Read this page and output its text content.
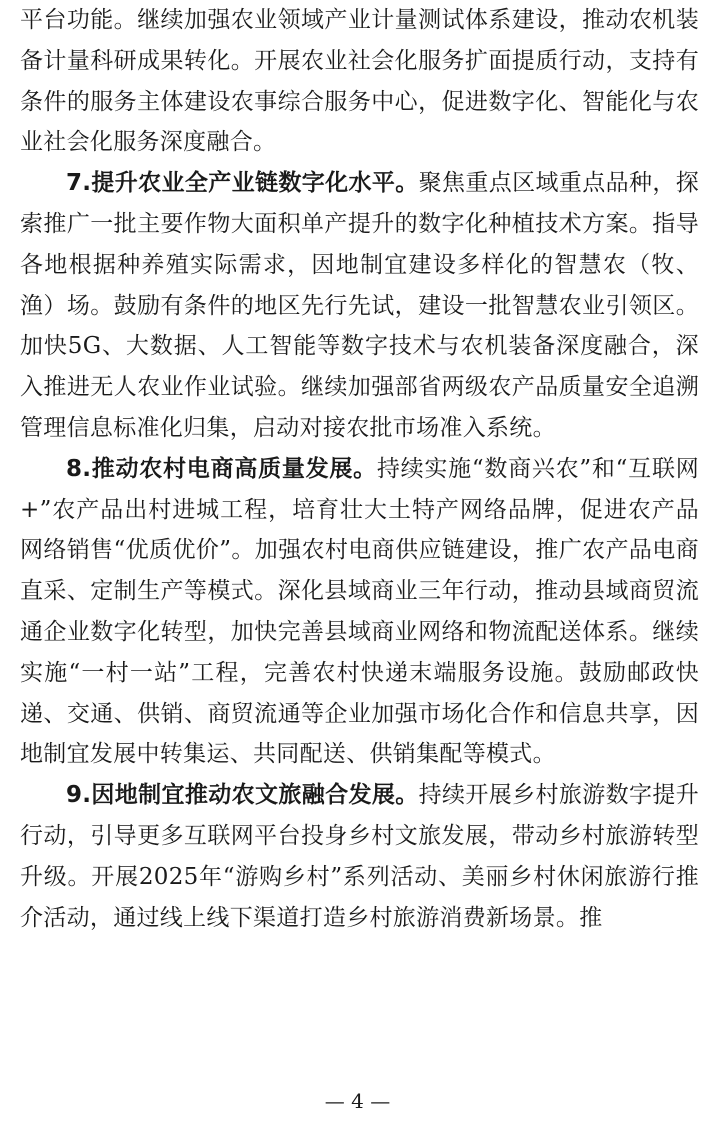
平台功能。继续加强农业领域产业计量测试体系建设，推动农机装备计量科研成果转化。开展农业社会化服务扩面提质行动，支持有条件的服务主体建设农事综合服务中心，促进数字化、智能化与农业社会化服务深度融合。

7.提升农业全产业链数字化水平。聚焦重点区域重点品种，探索推广一批主要作物大面积单产提升的数字化种植技术方案。指导各地根据种养殖实际需求，因地制宜建设多样化的智慧农（牧、渔）场。鼓励有条件的地区先行先试，建设一批智慧农业引领区。加快5G、大数据、人工智能等数字技术与农机装备深度融合，深入推进无人农业作业试验。继续加强部省两级农产品质量安全追溯管理信息标准化归集，启动对接农批市场准入系统。

8.推动农村电商高质量发展。持续实施“数商兴农”和“互联网+”农产品出村进城工程，培育壮大土特产网络品牌，促进农产品网络销售“优质优价”。加强农村电商供应链建设，推广农产品电商直采、定制生产等模式。深化县域商业三年行动，推动县域商贸流通企业数字化转型，加快完善县域商业网络和物流配送体系。继续实施“一村一站”工程，完善农村快递末端服务设施。鼓励邮政快递、交通、供销、商贸流通等企业加强市场化合作和信息共享，因地制宜发展中转集运、共同配送、供销集配等模式。

9.因地制宜推动农文旅融合发展。持续开展乡村旅游数字提升行动，引导更多互联网平台投身乡村文旅发展，带动乡村旅游转型升级。开展2025年“游购乡村”系列活动、美丽乡村休闲旅游行推介活动，通过线上线下渠道打造乡村旅游消费新场景。推

— 4 —
